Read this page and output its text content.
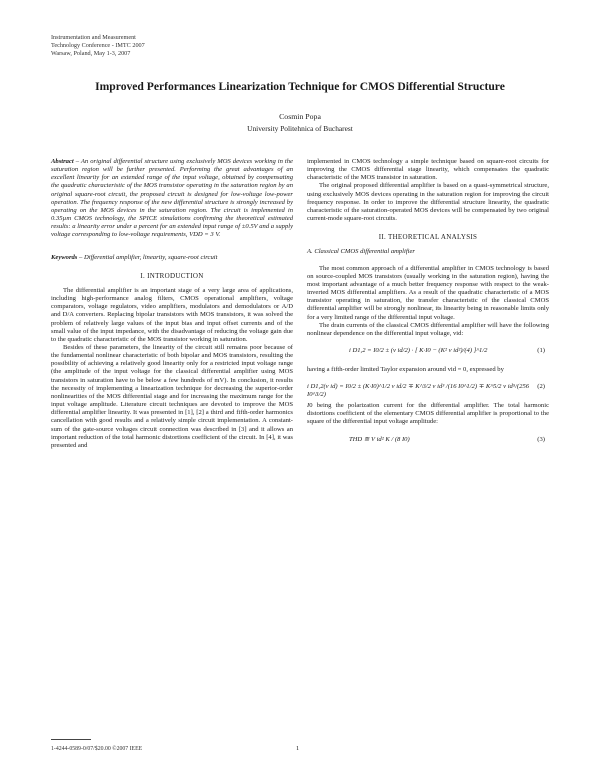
Instrumentation and Measurement
Technology Conference - IMTC 2007
Warsaw, Poland, May 1-3, 2007
Improved Performances Linearization Technique for CMOS Differential Structure
Cosmin Popa
University Politehnica of Bucharest

Abstract – An original differential structure using exclusively MOS devices working in the saturation region will be further presented. Performing the great advantages of an excellent linearity for an extended range of the input voltage, obtained by compensating the quadratic characteristic of the MOS transistor operating in the saturation region by an original square-root circuit, the proposed circuit is designed for low-voltage low-power operation. The frequency response of the new differential structure is strongly increased by operating on the MOS devices in the saturation region. The circuit is implemented in 0.35µm CMOS technology, the SPICE simulations confirming the theoretical estimated results: a linearity error under a percent for an extended input range of ±0.5V and a supply voltage corresponding to low-voltage requirements, VDD = 3 V.

Keywords – Differential amplifier, linearity, square-root circuit

I. INTRODUCTION

The differential amplifier is an important stage of a very large area of applications, including high-performance analog filters, CMOS operational amplifiers, voltage comparators, voltage regulators, video amplifiers, modulators and demodulators or A/D and D/A converters. Replacing bipolar transistors with MOS transistors, it was solved the problem of relatively large values of the input bias and input offset currents and of the small value of the input impedance, with the disadvantage of reducing the voltage gain due to the quadratic characteristic of the MOS transistor working in saturation.

Besides of these parameters, the linearity of the circuit still remains poor because of the fundamental nonlinear characteristic of both bipolar and MOS transistors, resulting the possibility of achieving a relatively good linearity only for a restricted input voltage range (the amplitude of the input voltage for the classical differential amplifier using MOS transistors in saturation have to be below a few hundreds of mV). In conclusion, it results the necessity of implementing a linearization technique for decreasing the superior-order nonlinearities of the MOS differential stage and for increasing the maximum range for the input voltage amplitude. Literature circuit techniques are devoted to improve the MOS differential amplifier linearity. It was presented in [1], [2] a third and fifth-order harmonics cancellation with good results and a relatively simple circuit implementation. A constant-sum of the gate-source voltages circuit connection was described in [3] and it allows an important reduction of the total harmonic distortions coefficient of the circuit. In [4], it was presented and

implemented in CMOS technology a simple technique based on square-root circuits for improving the CMOS differential stage linearity, which compensates the quadratic characteristic of the MOS transistor in saturation.

The original proposed differential amplifier is based on a quasi-symmetrical structure, using exclusively MOS devices operating in the saturation region for improving the circuit frequency response. In order to improve the differential structure linearity, the quadratic characteristic of the saturation-operated MOS devices will be compensated by two original current-mode square-root circuits.

II. THEORETICAL ANALYSIS
A. Classical CMOS differential amplifier

The most common approach of a differential amplifier in CMOS technology is based on source-coupled MOS transistors (usually working in the saturation region), having the most important advantage of a much better frequency response with respect to the weak-inverted MOS differential amplifiers. As a result of the quadratic characteristic of a MOS transistor operating in saturation, the transfer characteristic of the classical CMOS differential amplifier will be strongly nonlinear, its linearity being in reasonable limits only for a very limited range of the differential input voltage.

The drain currents of the classical CMOS differential amplifier will have the following nonlinear dependence on the differential input voltage, vid:

i D1,2 = I0/2 ± (v id/2) · [ K·I0 − (K² v id²)/(4) ]^1/2	(1)

having a fifth-order limited Taylor expansion around vid = 0, expressed by

i D1,2(v id) = I0/2 ± (K·I0)^1/2 v id/2 ∓ K^3/2 v id³ /(16 I0^1/2) ∓ K^5/2 v id⁵/(256 I0^3/2)
(2)

I0 being the polarization current for the differential amplifier. The total harmonic distortions coefficient of the elementary CMOS differential amplifier is proportional to the square of the differential input voltage amplitude:

THD ≅ V id² K / (8 I0)	(3)
1-4244-0589-0/07/$20.00 ©2007 IEEE	1
